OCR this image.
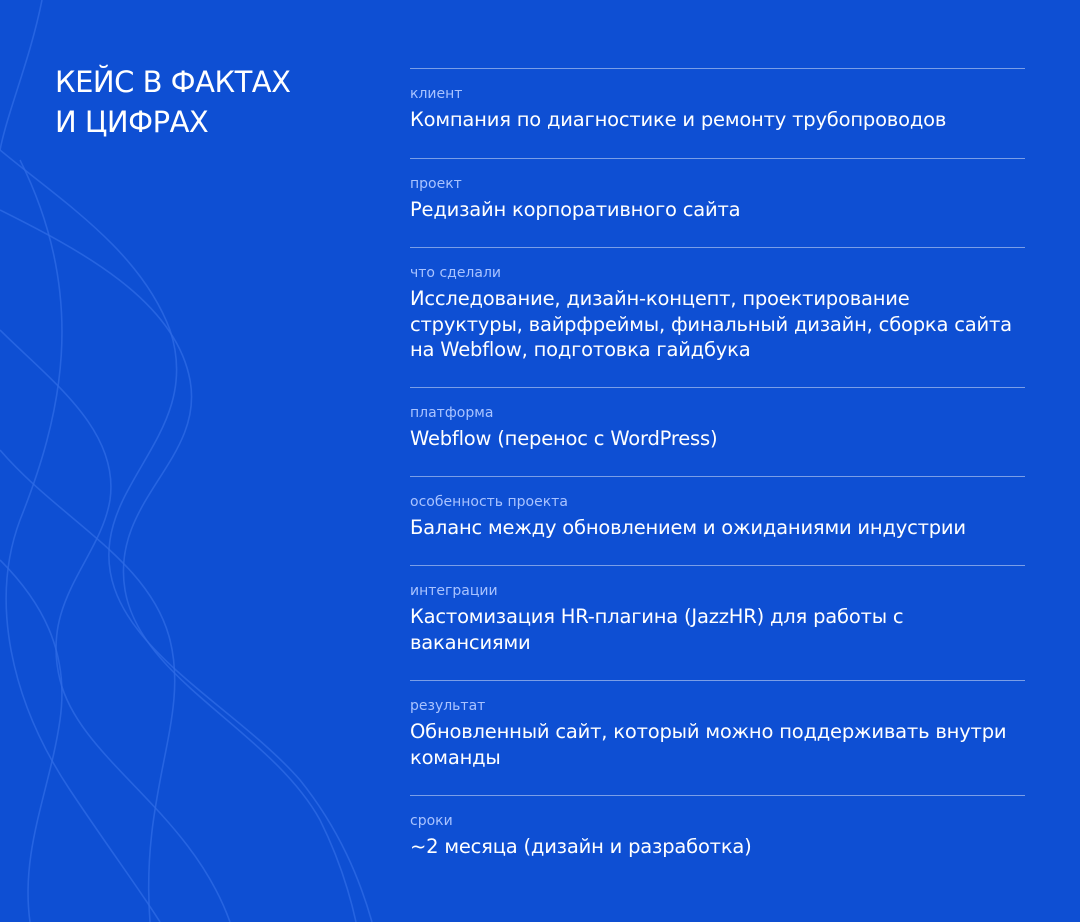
КЕЙС В ФАКТАХ
И ЦИФРАХ
клиент
Компания по диагностике и ремонту трубопроводов
проект
Редизайн корпоративного сайта
что сделали
Исследование, дизайн-концепт, проектирование структуры, вайрфреймы, финальный дизайн, сборка сайта на Webflow, подготовка гайдбука
платформа
Webflow (перенос с WordPress)
особенность проекта
Баланс между обновлением и ожиданиями индустрии
интеграции
Кастомизация HR-плагина (JazzHR) для работы с вакансиями
результат
Обновленный сайт, который можно поддерживать внутри команды
сроки
~2 месяца (дизайн и разработка)
